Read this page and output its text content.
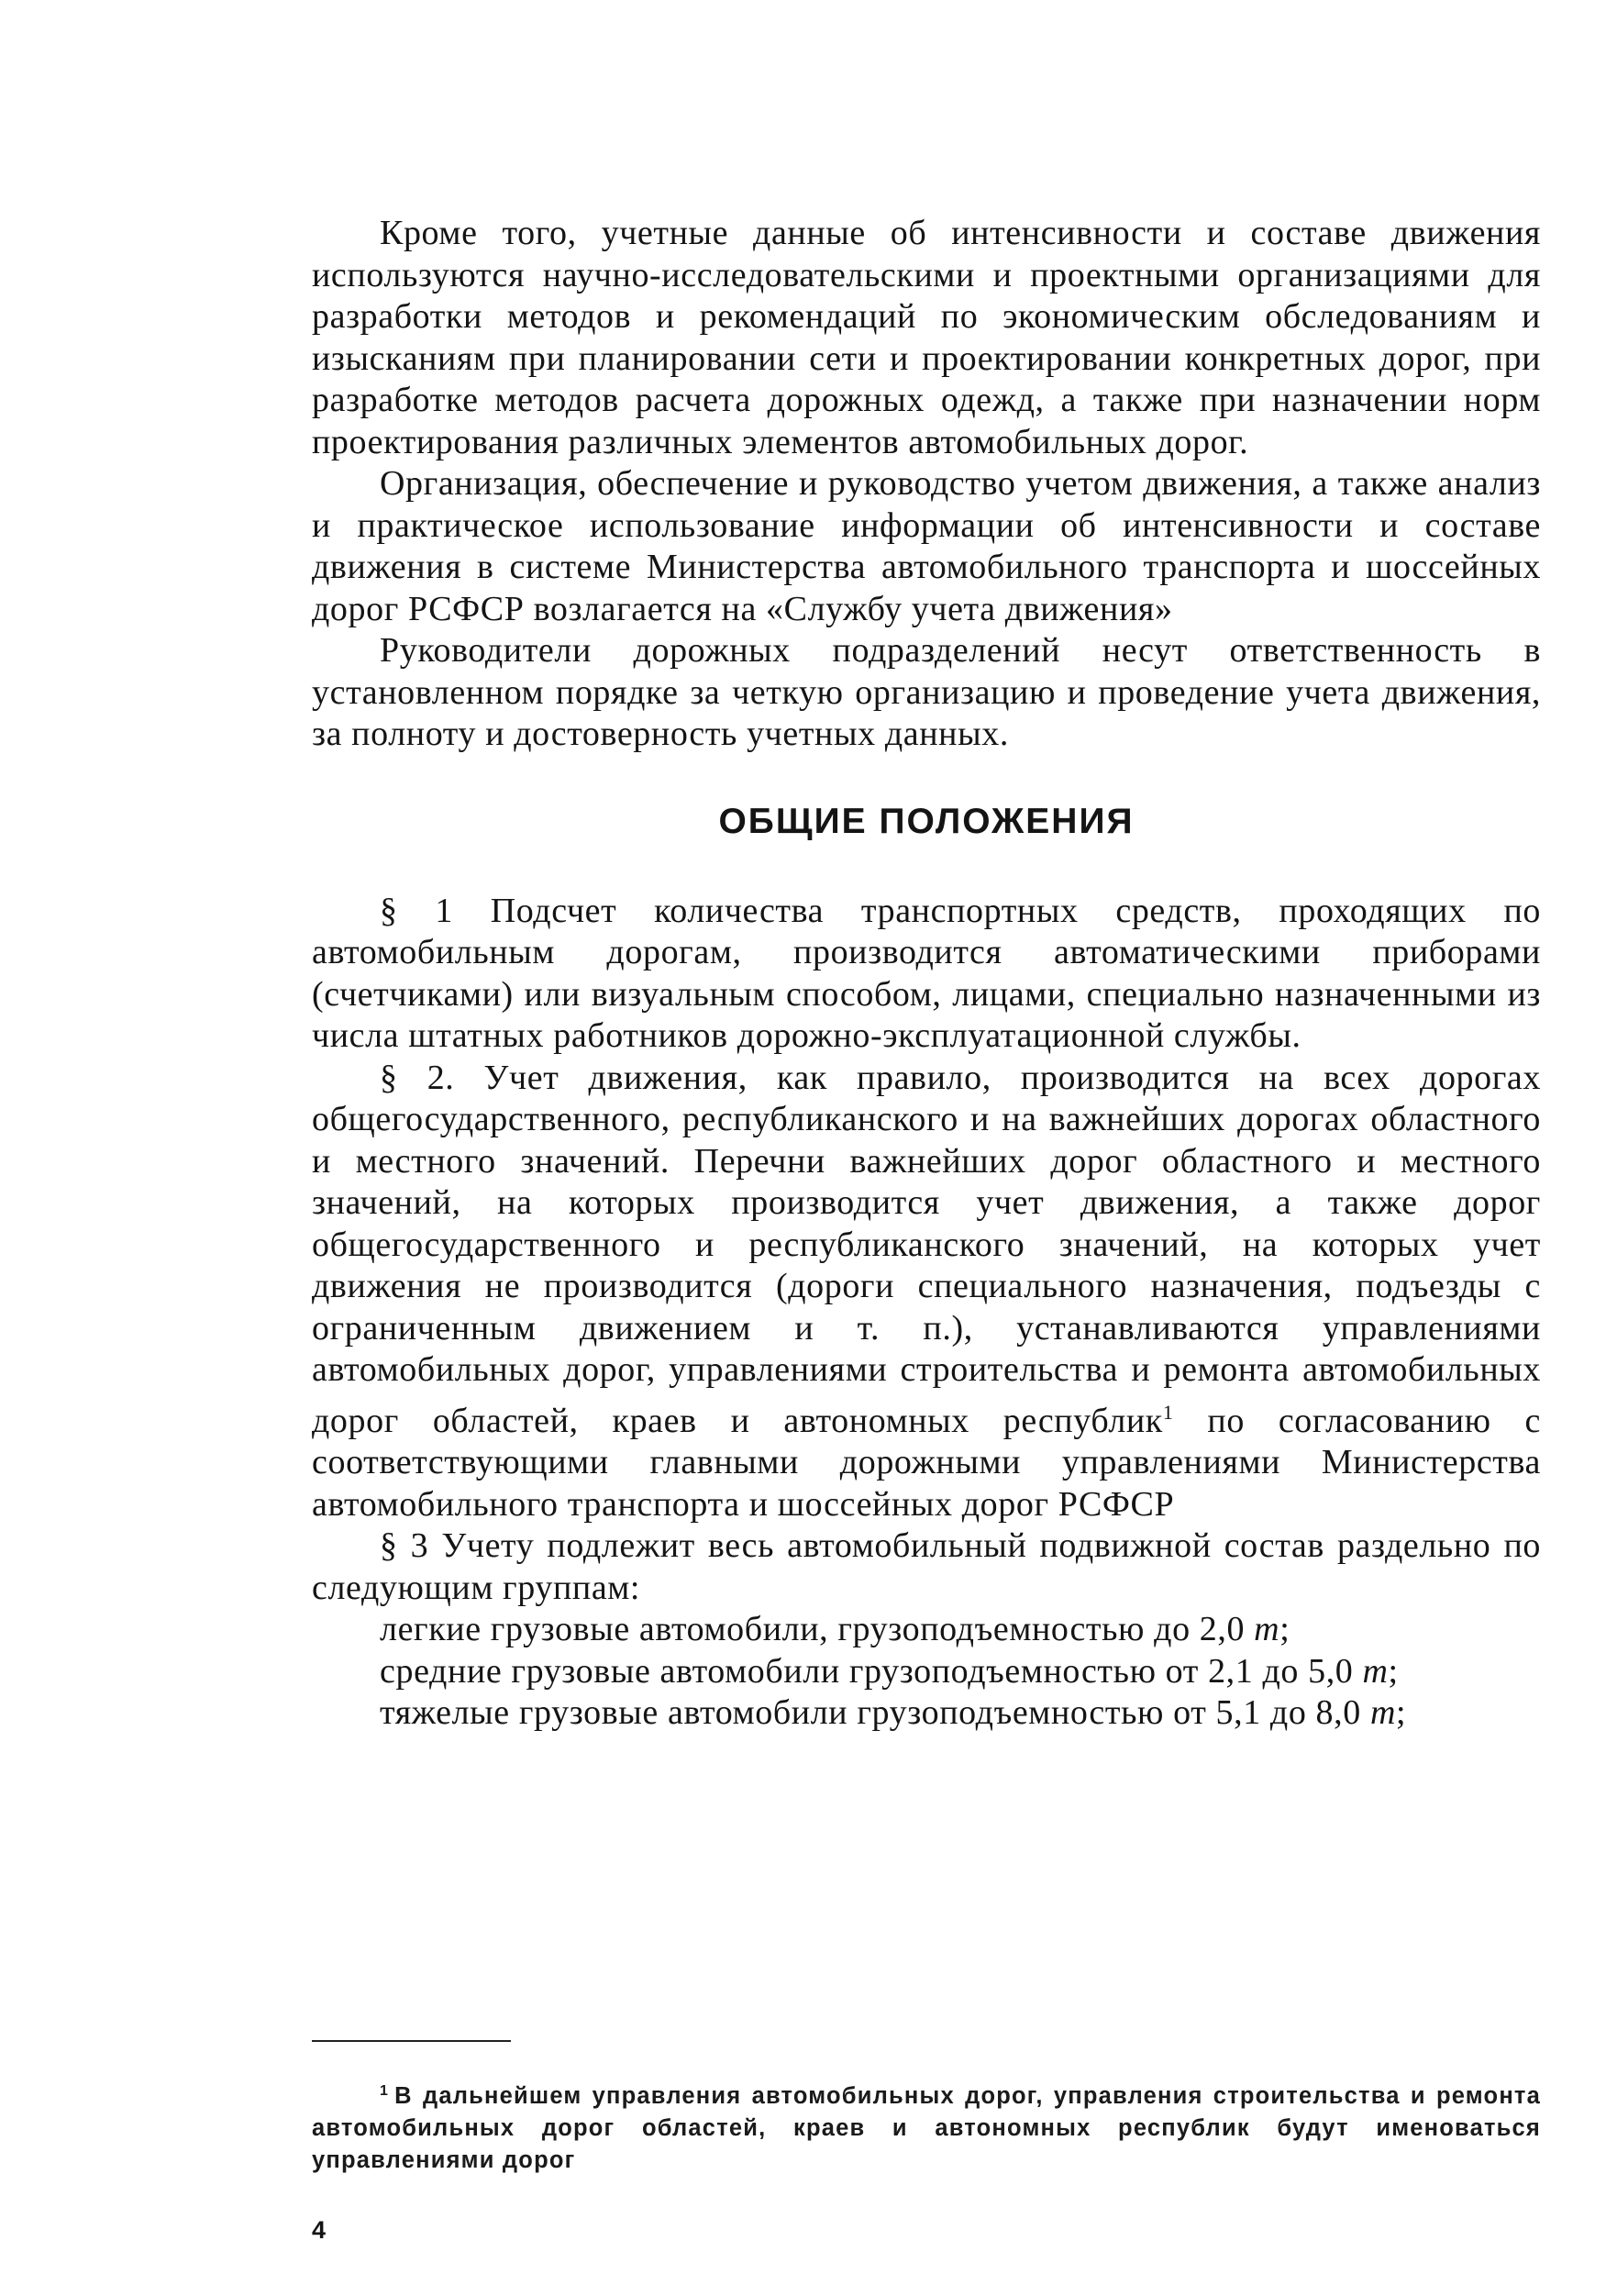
Кроме того, учетные данные об интенсивности и составе движения используются научно-исследовательскими и проектными организациями для разработки методов и рекомендаций по экономическим обследованиям и изысканиям при планировании сети и проектировании конкретных дорог, при разработке методов расчета дорожных одежд, а также при назначении норм проектирования различных элементов автомобильных дорог.

Организация, обеспечение и руководство учетом движения, а также анализ и практическое использование информации об интенсивности и составе движения в системе Министерства автомобильного транспорта и шоссейных дорог РСФСР возлагается на «Службу учета движения»

Руководители дорожных подразделений несут ответственность в установленном порядке за четкую организацию и проведение учета движения, за полноту и достоверность учетных данных.

ОБЩИЕ ПОЛОЖЕНИЯ

§ 1 Подсчет количества транспортных средств, проходящих по автомобильным дорогам, производится автоматическими приборами (счетчиками) или визуальным способом, лицами, специально назначенными из числа штатных работников дорожно-эксплуатационной службы.

§ 2. Учет движения, как правило, производится на всех дорогах общегосударственного, республиканского и на важнейших дорогах областного и местного значений. Перечни важнейших дорог областного и местного значений, на которых производится учет движения, а также дорог общегосударственного и республиканского значений, на которых учет движения не производится (дороги специального назначения, подъезды с ограниченным движением и т. п.), устанавливаются управлениями автомобильных дорог, управлениями строительства и ремонта автомобильных дорог областей, краев и автономных республик$^1$ по согласованию с соответствующими главными дорожными управлениями Министерства автомобильного транспорта и шоссейных дорог РСФСР

§ 3 Учету подлежит весь автомобильный подвижной состав раздельно по следующим группам:

легкие грузовые автомобили, грузоподъемностью до 2,0 т;

средние грузовые автомобили грузоподъемностью от 2,1 до 5,0 т;

тяжелые грузовые автомобили грузоподъемностью от 5,1 до 8,0 т;

$^1$ В дальнейшем управления автомобильных дорог, управления строительства и ремонта автомобильных дорог областей, краев и автономных республик будут именоваться управлениями дорог
4
